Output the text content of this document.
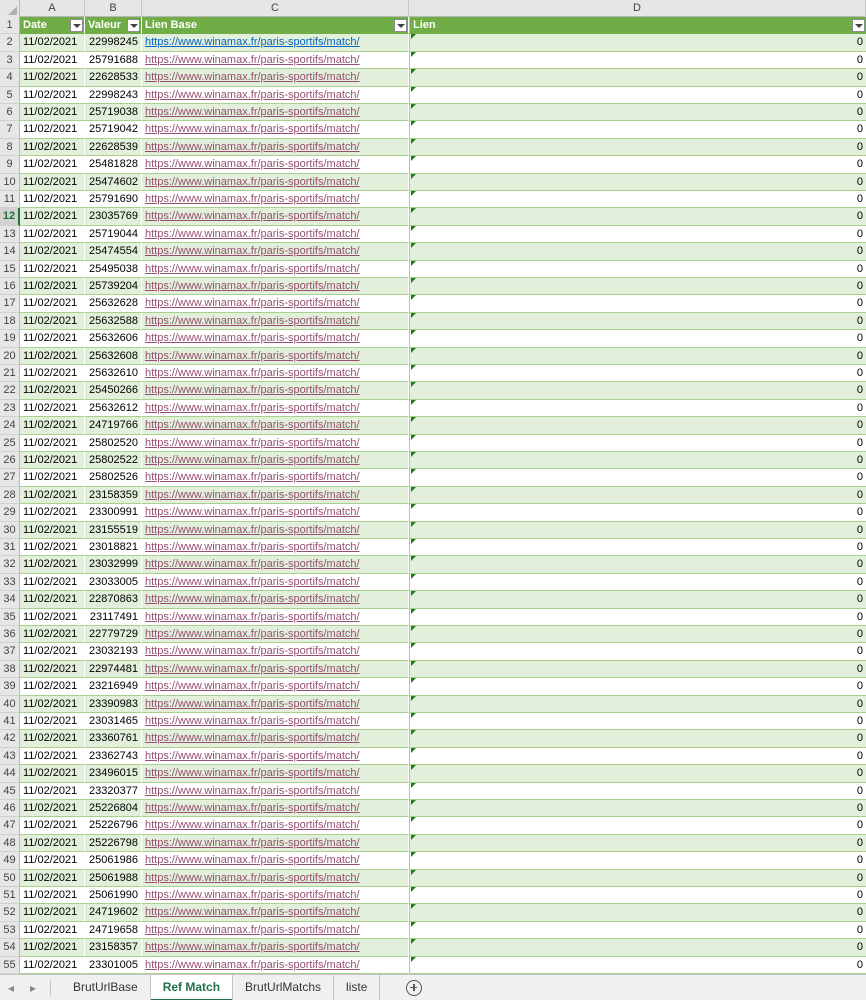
A	B	C	D
1 Date	Valeur	Lien Base	Lien
2 11/02/2021	22998245 https://www.winamax.fr/paris-sportifs/match/	0
3 11/02/2021	25791688 https://www.winamax.fr/paris-sportifs/match/	0
4 11/02/2021	22628533 https://www.winamax.fr/paris-sportifs/match/	0
5 11/02/2021	22998243 https://www.winamax.fr/paris-sportifs/match/	0
6 11/02/2021	25719038 https://www.winamax.fr/paris-sportifs/match/	0
7 11/02/2021	25719042 https://www.winamax.fr/paris-sportifs/match/	0
8 11/02/2021	22628539 https://www.winamax.fr/paris-sportifs/match/	0
9 11/02/2021	25481828 https://www.winamax.fr/paris-sportifs/match/	0
10 11/02/2021	25474602 https://www.winamax.fr/paris-sportifs/match/	0
11 11/02/2021	25791690 https://www.winamax.fr/paris-sportifs/match/	0
12 11/02/2021	23035769 https://www.winamax.fr/paris-sportifs/match/	0
13 11/02/2021	25719044 https://www.winamax.fr/paris-sportifs/match/	0
14 11/02/2021	25474554 https://www.winamax.fr/paris-sportifs/match/	0
15 11/02/2021	25495038 https://www.winamax.fr/paris-sportifs/match/	0
16 11/02/2021	25739204 https://www.winamax.fr/paris-sportifs/match/	0
17 11/02/2021	25632628 https://www.winamax.fr/paris-sportifs/match/	0
18 11/02/2021	25632588 https://www.winamax.fr/paris-sportifs/match/	0
19 11/02/2021	25632606 https://www.winamax.fr/paris-sportifs/match/	0
20 11/02/2021	25632608 https://www.winamax.fr/paris-sportifs/match/	0
21 11/02/2021	25632610 https://www.winamax.fr/paris-sportifs/match/	0
22 11/02/2021	25450266 https://www.winamax.fr/paris-sportifs/match/	0
23 11/02/2021	25632612 https://www.winamax.fr/paris-sportifs/match/	0
24 11/02/2021	24719766 https://www.winamax.fr/paris-sportifs/match/	0
25 11/02/2021	25802520 https://www.winamax.fr/paris-sportifs/match/	0
26 11/02/2021	25802522 https://www.winamax.fr/paris-sportifs/match/	0
27 11/02/2021	25802526 https://www.winamax.fr/paris-sportifs/match/	0
28 11/02/2021	23158359 https://www.winamax.fr/paris-sportifs/match/	0
29 11/02/2021	23300991 https://www.winamax.fr/paris-sportifs/match/	0
30 11/02/2021	23155519 https://www.winamax.fr/paris-sportifs/match/	0
31 11/02/2021	23018821 https://www.winamax.fr/paris-sportifs/match/	0
32 11/02/2021	23032999 https://www.winamax.fr/paris-sportifs/match/	0
33 11/02/2021	23033005 https://www.winamax.fr/paris-sportifs/match/	0
34 11/02/2021	22870863 https://www.winamax.fr/paris-sportifs/match/	0
35 11/02/2021	23117491 https://www.winamax.fr/paris-sportifs/match/	0
36 11/02/2021	22779729 https://www.winamax.fr/paris-sportifs/match/	0
37 11/02/2021	23032193 https://www.winamax.fr/paris-sportifs/match/	0
38 11/02/2021	22974481 https://www.winamax.fr/paris-sportifs/match/	0
39 11/02/2021	23216949 https://www.winamax.fr/paris-sportifs/match/	0
40 11/02/2021	23390983 https://www.winamax.fr/paris-sportifs/match/	0
41 11/02/2021	23031465 https://www.winamax.fr/paris-sportifs/match/	0
42 11/02/2021	23360761 https://www.winamax.fr/paris-sportifs/match/	0
43 11/02/2021	23362743 https://www.winamax.fr/paris-sportifs/match/	0
44 11/02/2021	23496015 https://www.winamax.fr/paris-sportifs/match/	0
45 11/02/2021	23320377 https://www.winamax.fr/paris-sportifs/match/	0
46 11/02/2021	25226804 https://www.winamax.fr/paris-sportifs/match/	0
47 11/02/2021	25226796 https://www.winamax.fr/paris-sportifs/match/	0
48 11/02/2021	25226798 https://www.winamax.fr/paris-sportifs/match/	0
49 11/02/2021	25061986 https://www.winamax.fr/paris-sportifs/match/	0
50 11/02/2021	25061988 https://www.winamax.fr/paris-sportifs/match/	0
51 11/02/2021	25061990 https://www.winamax.fr/paris-sportifs/match/	0
52 11/02/2021	24719602 https://www.winamax.fr/paris-sportifs/match/	0
53 11/02/2021	24719658 https://www.winamax.fr/paris-sportifs/match/	0
54 11/02/2021	23158357 https://www.winamax.fr/paris-sportifs/match/	0
55 11/02/2021	23301005 https://www.winamax.fr/paris-sportifs/match/	0
◂	▸	BrutUrlBase	Ref Match	BrutUrlMatchs	liste
